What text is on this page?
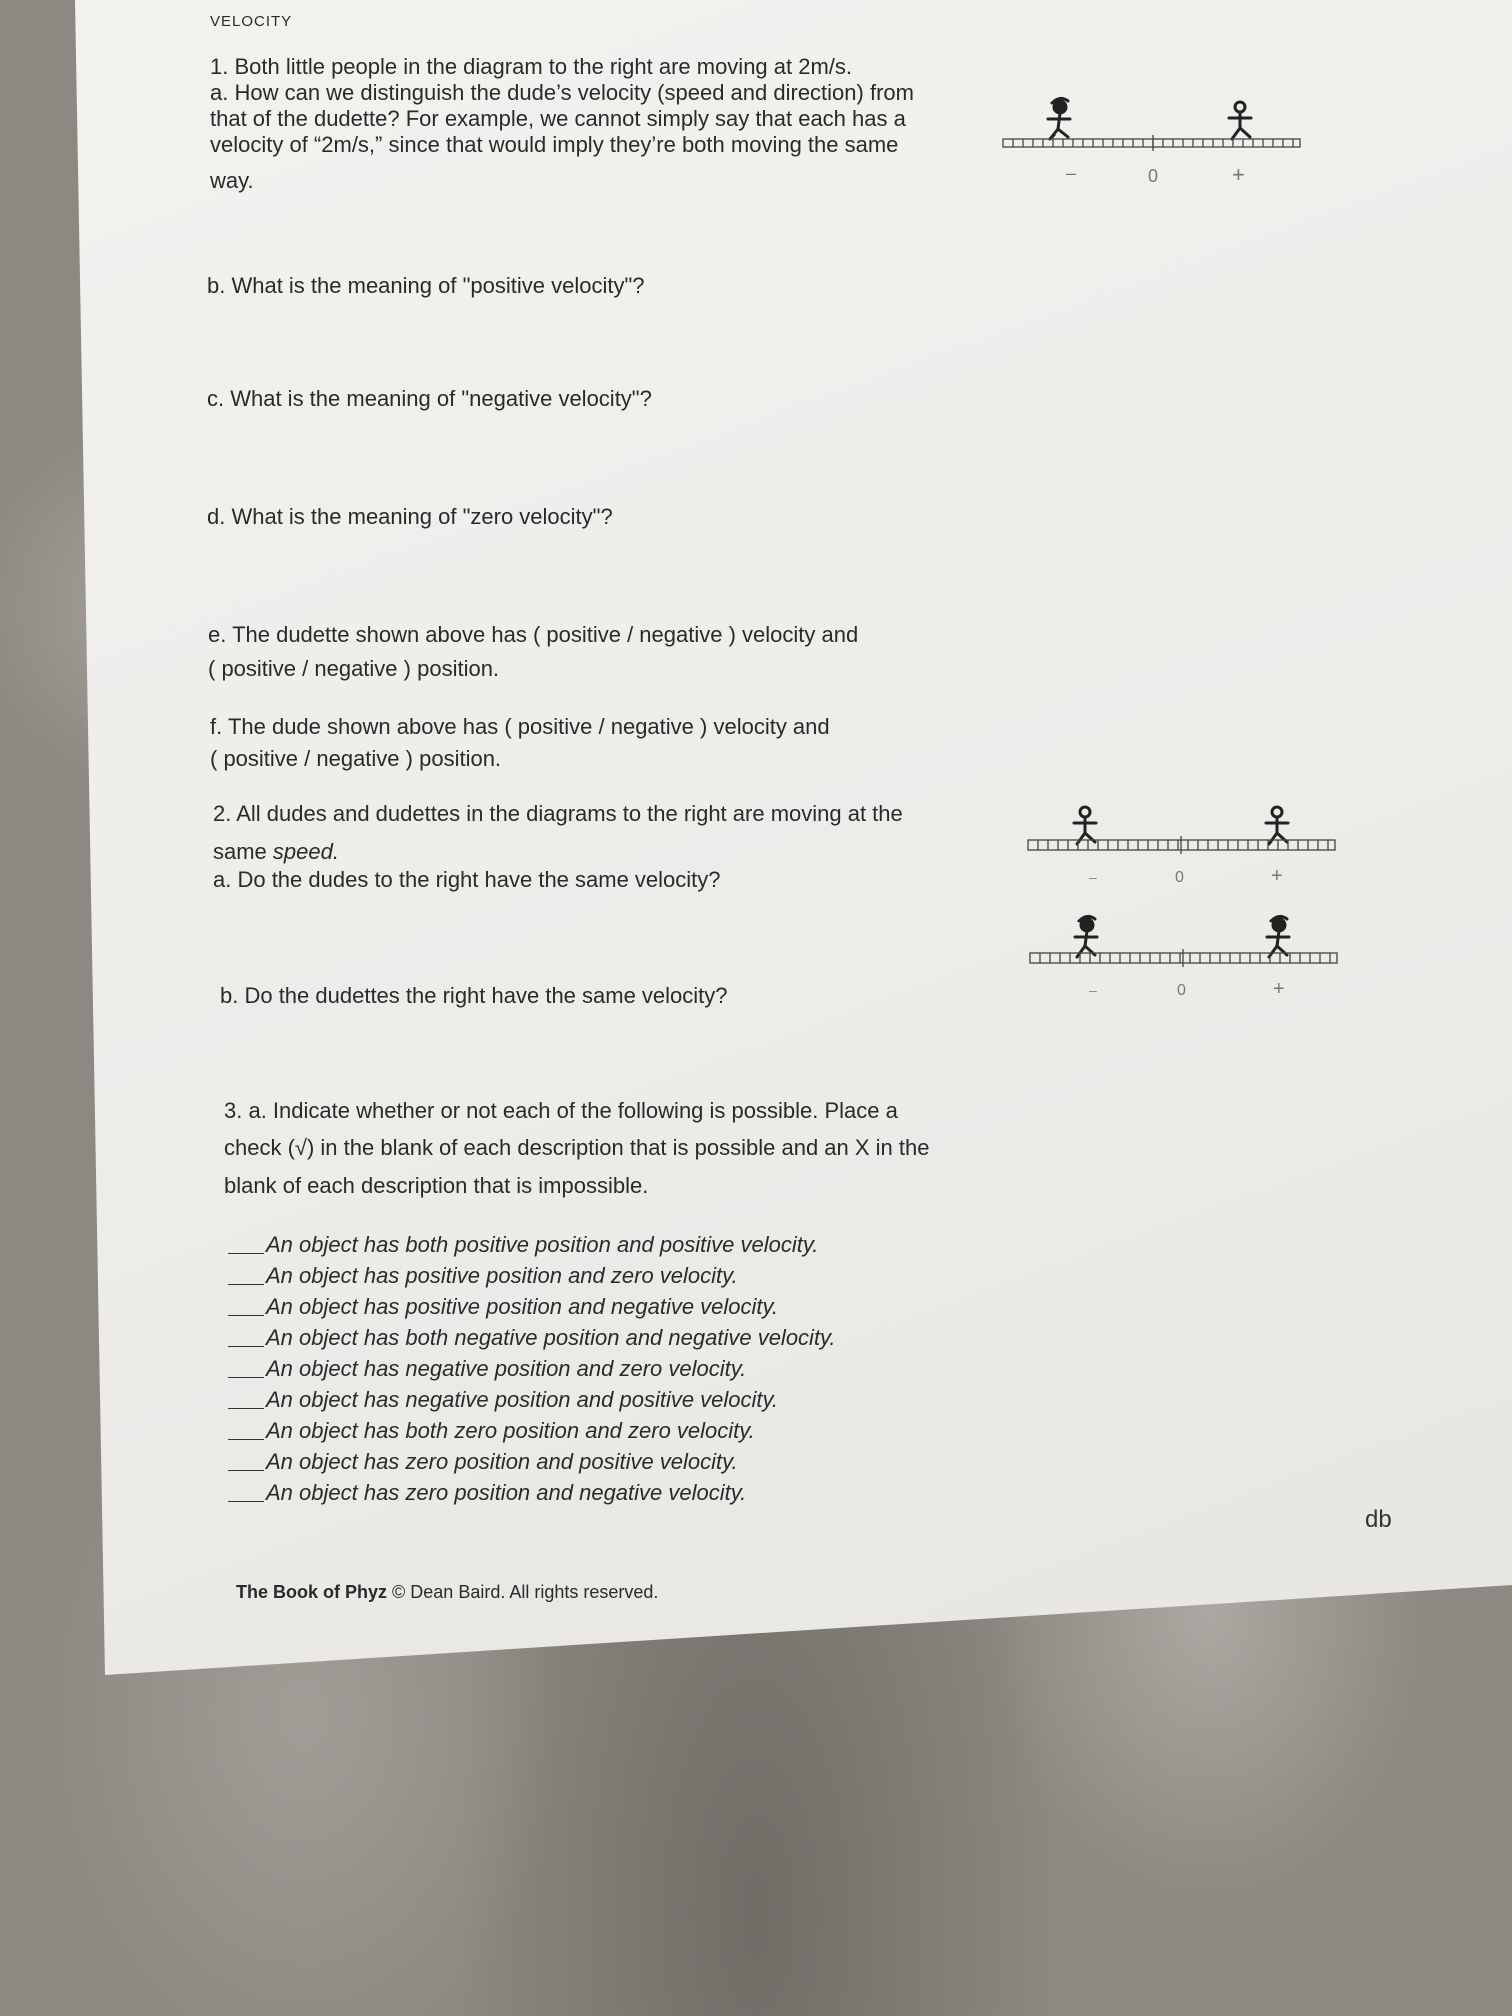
VELOCITY
1. Both little people in the diagram to the right are moving at 2m/s.
a. How can we distinguish the dude’s velocity (speed and direction) from
that of the dudette? For example, we cannot simply say that each has a
velocity of “2m/s,” since that would imply they’re both moving the same
way.
b. What is the meaning of "positive velocity"?
c. What is the meaning of "negative velocity"?
d. What is the meaning of "zero velocity"?
e. The dudette shown above has ( positive / negative ) velocity and
( positive / negative ) position.
f. The dude shown above has ( positive / negative ) velocity and
( positive / negative ) position.
2. All dudes and dudettes in the diagrams to the right are moving at the
same speed.
a. Do the dudes to the right have the same velocity?
b. Do the dudettes the right have the same velocity?
3. a. Indicate whether or not each of the following is possible. Place a
check (√) in the blank of each description that is possible and an X in the
blank of each description that is impossible.
An object has both positive position and positive velocity.
An object has positive position and zero velocity.
An object has positive position and negative velocity.
An object has both negative position and negative velocity.
An object has negative position and zero velocity.
An object has negative position and positive velocity.
An object has both zero position and zero velocity.
An object has zero position and positive velocity.
An object has zero position and negative velocity.
–	0	+
–	0	+
–	0	+
db
The Book of Phyz © Dean Baird. All rights reserved.
